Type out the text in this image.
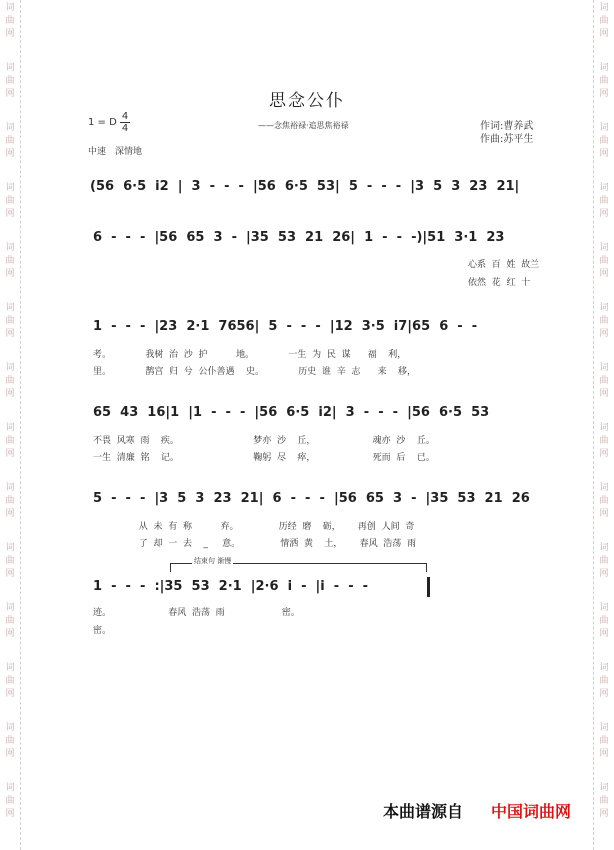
词
曲
网
词
曲
网
词
曲
网
词
曲
网
词
曲
网
词
曲
网
词
曲
网
词
曲
网
词
曲
网
词
曲
网
词
曲
网
词
曲
网
词
曲
网
词
曲
网
词
曲
网
词
曲
网
词
曲
网
词
曲
网
词
曲
网
词
曲
网
词
曲
网
词
曲
网
词
曲
网
词
曲
网
词
曲
网
词
曲
网
词
曲
网
词
曲
网
思念公仆
1 = D
4
4	——念焦裕禄·追思焦裕禄	作词:曹养武
作曲:苏平生
中速　深情地
(56  6·5  i2  |  3  -  -  -  |56  6·5  53|  5  -  -  -  |3  5  3  23  21|
6  -  -  -  |56  65  3  -  |35  53  21  26|  1  -  -  -)|51  3·1  23
心系  百  姓  故兰
依然  花  红  十
1  -  -  -  |23  2·1  7656|  5  -  -  -  |12  3·5  i7|65  6  -  -
考。            我树  治  沙  护          地。            一生  为  民  谋      福    利，
里。            鹊宫  归  兮  公仆善遇    史。            历史  谁  辛  志      来    移，
65  43  16|1  |1  -  -  -  |56  6·5  i2|  3  -  -  -  |56  6·5  53
不畏  风寒  雨    疾。                          梦亦  沙    丘，                    魂亦  沙    丘。
一生  清廉  铭    记。                          鞠躬  尽    瘁，                    死而  后    已。
5  -  -  -  |3  5  3  23  21|  6  -  -  -  |56  65  3  -  |35  53  21  26
从  未  有  称          弃。              历经  磨    砺，      再创  人间  奇
了  却  一  去    _     意。              情洒  黄    土，      春风  浩荡  雨
结束句 渐慢
1  -  -  -  :|35  53  2·1  |2·6  i  -  |i  -  -  -
迹。                    春风  浩荡  雨                    密。
密。
本曲谱源自 中国词曲网
